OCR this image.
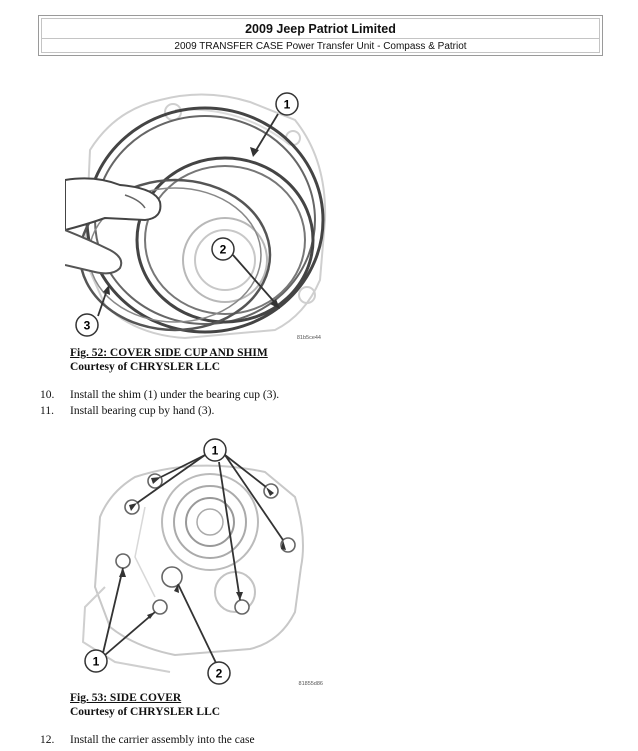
2009 Jeep Patriot Limited
2009 TRANSFER CASE Power Transfer Unit - Compass & Patriot
1
2
3
81b5ce44
Fig. 52: COVER SIDE CUP AND SHIM
Courtesy of CHRYSLER LLC
10. Install the shim (1) under the bearing cup (3).
11. Install bearing cup by hand (3).
1
1
2
81855d86
Fig. 53: SIDE COVER
Courtesy of CHRYSLER LLC
12. Install the carrier assembly into the case
